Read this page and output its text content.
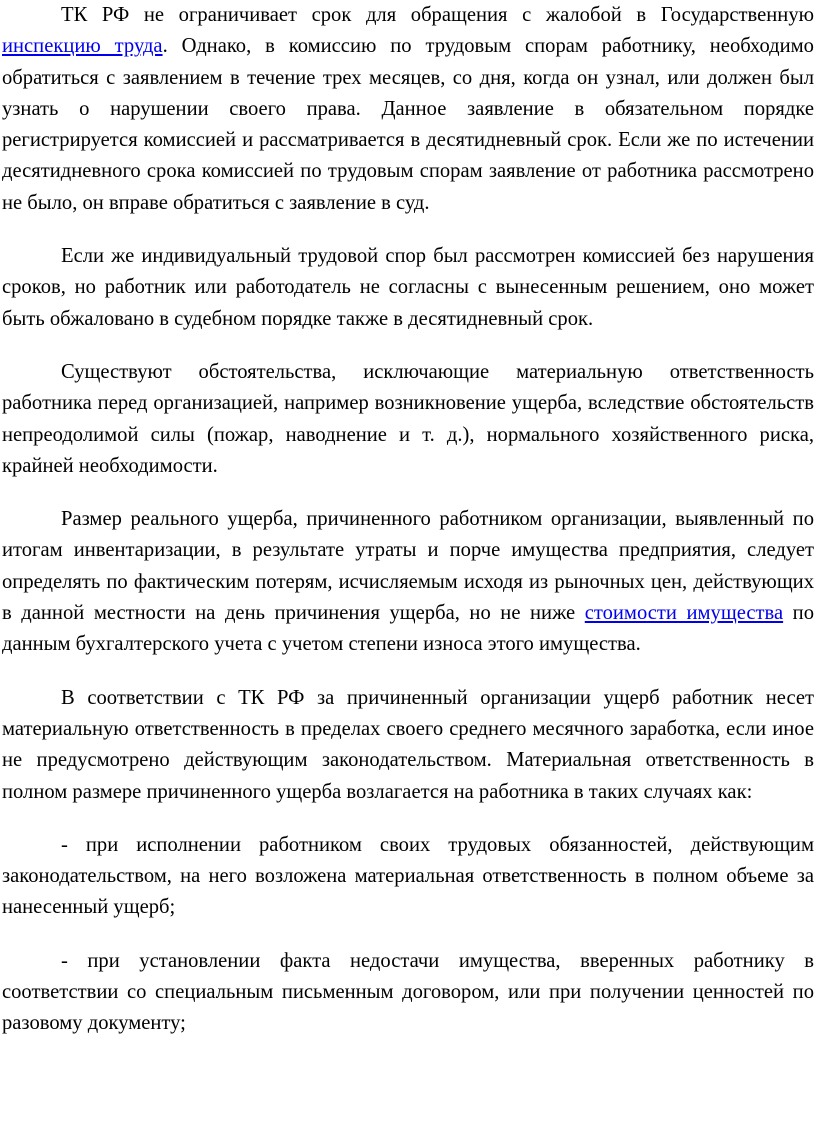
ТК РФ не ограничивает срок для обращения с жалобой в Государственную инспекцию труда. Однако, в комиссию по трудовым спорам работнику, необходимо обратиться с заявлением в течение трех месяцев, со дня, когда он узнал, или должен был узнать о нарушении своего права. Данное заявление в обязательном порядке регистрируется комиссией и рассматривается в десятидневный срок. Если же по истечении десятидневного срока комиссией по трудовым спорам заявление от работника рассмотрено не было, он вправе обратиться с заявление в суд.

Если же индивидуальный трудовой спор был рассмотрен комиссией без нарушения сроков, но работник или работодатель не согласны с вынесенным решением, оно может быть обжаловано в судебном порядке также в десятидневный срок.

Существуют обстоятельства, исключающие материальную ответственность работника перед организацией, например возникновение ущерба, вследствие обстоятельств непреодолимой силы (пожар, наводнение и т. д.), нормального хозяйственного риска, крайней необходимости.

Размер реального ущерба, причиненного работником организации, выявленный по итогам инвентаризации, в результате утраты и порче имущества предприятия, следует определять по фактическим потерям, исчисляемым исходя из рыночных цен, действующих в данной местности на день причинения ущерба, но не ниже стоимости имущества по данным бухгалтерского учета с учетом степени износа этого имущества.

В соответствии с ТК РФ за причиненный организации ущерб работник несет материальную ответственность в пределах своего среднего месячного заработка, если иное не предусмотрено действующим законодательством. Материальная ответственность в полном размере причиненного ущерба возлагается на работника в таких случаях как:

- при исполнении работником своих трудовых обязанностей, действующим законодательством, на него возложена материальная ответственность в полном объеме за нанесенный ущерб;

- при установлении факта недостачи имущества, вверенных работнику в соответствии со специальным письменным договором, или при получении ценностей по разовому документу;
